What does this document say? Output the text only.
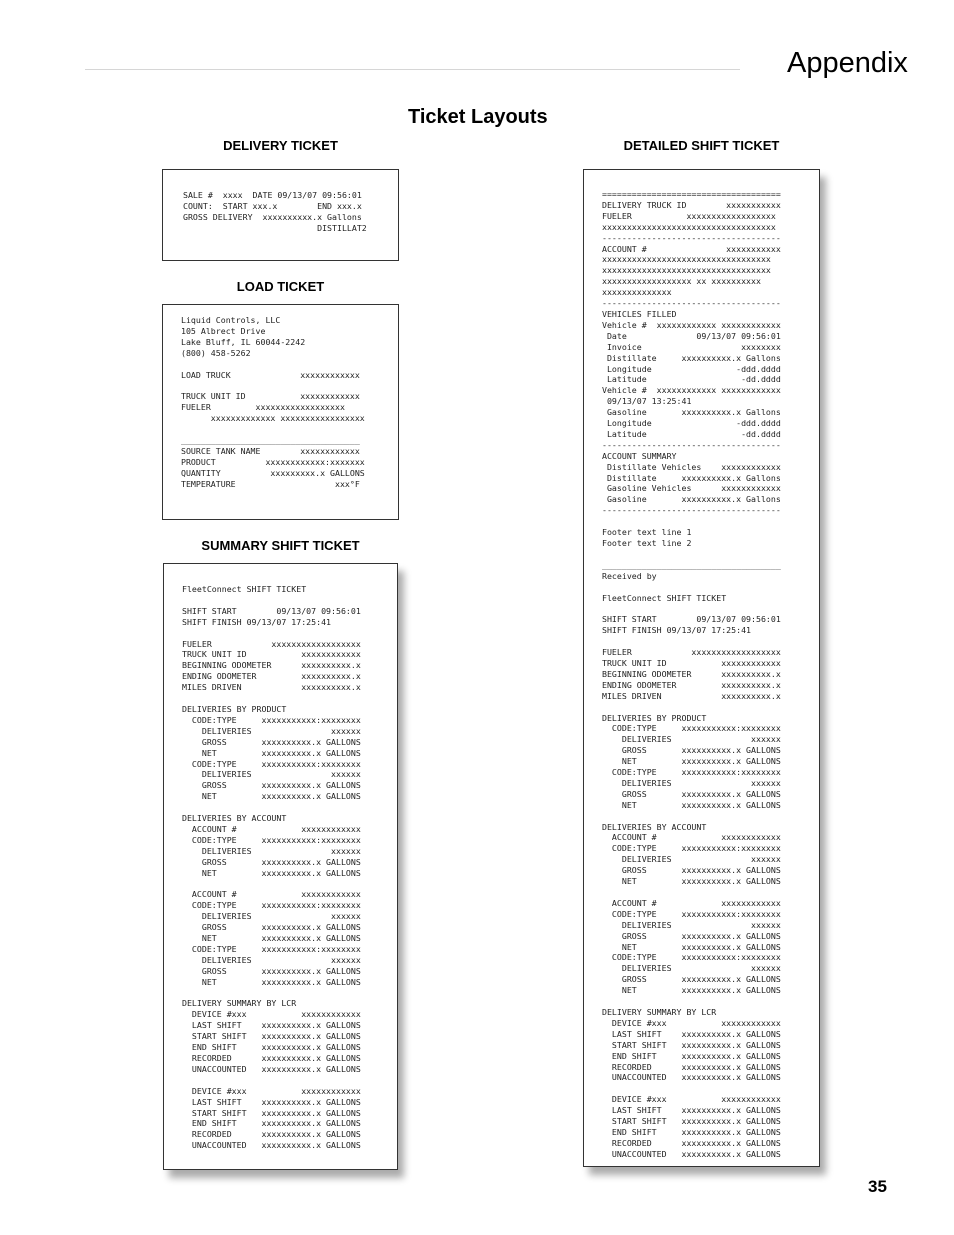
Appendix
Ticket Layouts
DELIVERY TICKET
SALE #  xxxx  DATE 09/13/07 09:56:01
COUNT:  START xxx.x        END xxx.x
GROSS DELIVERY  xxxxxxxxxx.x Gallons
DISTILLAT2
LOAD TICKET
Liquid Controls, LLC
105 Albrect Drive
Lake Bluff, IL 60044-2242
(800) 458-5262

LOAD TRUCK              xxxxxxxxxxxx

TRUCK UNIT ID           xxxxxxxxxxxx
FUELER         xxxxxxxxxxxxxxxxxx
xxxxxxxxxxxxx xxxxxxxxxxxxxxxxx

____________________________________
SOURCE TANK NAME        xxxxxxxxxxxx
PRODUCT          xxxxxxxxxxxx:xxxxxxx
QUANTITY          xxxxxxxxx.x GALLONS
TEMPERATURE                    xxx°F
SUMMARY SHIFT TICKET
FleetConnect SHIFT TICKET

SHIFT START        09/13/07 09:56:01
SHIFT FINISH 09/13/07 17:25:41

FUELER            xxxxxxxxxxxxxxxxxx
TRUCK UNIT ID           xxxxxxxxxxxx
BEGINNING ODOMETER      xxxxxxxxxx.x
ENDING ODOMETER         xxxxxxxxxx.x
MILES DRIVEN            xxxxxxxxxx.x

DELIVERIES BY PRODUCT
CODE:TYPE     xxxxxxxxxxx:xxxxxxxx
DELIVERIES                xxxxxx
GROSS       xxxxxxxxxx.x GALLONS
NET         xxxxxxxxxx.x GALLONS
CODE:TYPE     xxxxxxxxxxx:xxxxxxxx
DELIVERIES                xxxxxx
GROSS       xxxxxxxxxx.x GALLONS
NET         xxxxxxxxxx.x GALLONS

DELIVERIES BY ACCOUNT
ACCOUNT #             xxxxxxxxxxxx
CODE:TYPE     xxxxxxxxxxx:xxxxxxxx
DELIVERIES                xxxxxx
GROSS       xxxxxxxxxx.x GALLONS
NET         xxxxxxxxxx.x GALLONS

ACCOUNT #             xxxxxxxxxxxx
CODE:TYPE     xxxxxxxxxxx:xxxxxxxx
DELIVERIES                xxxxxx
GROSS       xxxxxxxxxx.x GALLONS
NET         xxxxxxxxxx.x GALLONS
CODE:TYPE     xxxxxxxxxxx:xxxxxxxx
DELIVERIES                xxxxxx
GROSS       xxxxxxxxxx.x GALLONS
NET         xxxxxxxxxx.x GALLONS

DELIVERY SUMMARY BY LCR
DEVICE #xxx           xxxxxxxxxxxx
LAST SHIFT    xxxxxxxxxx.x GALLONS
START SHIFT   xxxxxxxxxx.x GALLONS
END SHIFT     xxxxxxxxxx.x GALLONS
RECORDED      xxxxxxxxxx.x GALLONS
UNACCOUNTED   xxxxxxxxxx.x GALLONS

DEVICE #xxx           xxxxxxxxxxxx
LAST SHIFT    xxxxxxxxxx.x GALLONS
START SHIFT   xxxxxxxxxx.x GALLONS
END SHIFT     xxxxxxxxxx.x GALLONS
RECORDED      xxxxxxxxxx.x GALLONS
UNACCOUNTED   xxxxxxxxxx.x GALLONS
DETAILED SHIFT TICKET
====================================
DELIVERY TRUCK ID        xxxxxxxxxxx
FUELER           xxxxxxxxxxxxxxxxxx
xxxxxxxxxxxxxxxxxxxxxxxxxxxxxxxxxxx
------------------------------------
ACCOUNT #                xxxxxxxxxxx
xxxxxxxxxxxxxxxxxxxxxxxxxxxxxxxxxx
xxxxxxxxxxxxxxxxxxxxxxxxxxxxxxxxxx
xxxxxxxxxxxxxxxxxx xx xxxxxxxxxx
xxxxxxxxxxxxxx
------------------------------------
VEHICLES FILLED
Vehicle #  xxxxxxxxxxxx xxxxxxxxxxxx
Date              09/13/07 09:56:01
Invoice                    xxxxxxxx
Distillate     xxxxxxxxxx.x Gallons
Longitude                 -ddd.dddd
Latitude                   -dd.dddd
Vehicle #  xxxxxxxxxxxx xxxxxxxxxxxx
09/13/07 13:25:41
Gasoline       xxxxxxxxxx.x Gallons
Longitude                 -ddd.dddd
Latitude                   -dd.dddd
------------------------------------
ACCOUNT SUMMARY
Distillate Vehicles    xxxxxxxxxxxx
Distillate     xxxxxxxxxx.x Gallons
Gasoline Vehicles      xxxxxxxxxxxx
Gasoline       xxxxxxxxxx.x Gallons
------------------------------------

Footer text line 1
Footer text line 2

____________________________________
Received by

FleetConnect SHIFT TICKET

SHIFT START        09/13/07 09:56:01
SHIFT FINISH 09/13/07 17:25:41

FUELER            xxxxxxxxxxxxxxxxxx
TRUCK UNIT ID           xxxxxxxxxxxx
BEGINNING ODOMETER      xxxxxxxxxx.x
ENDING ODOMETER         xxxxxxxxxx.x
MILES DRIVEN            xxxxxxxxxx.x

DELIVERIES BY PRODUCT
CODE:TYPE     xxxxxxxxxxx:xxxxxxxx
DELIVERIES                xxxxxx
GROSS       xxxxxxxxxx.x GALLONS
NET         xxxxxxxxxx.x GALLONS
CODE:TYPE     xxxxxxxxxxx:xxxxxxxx
DELIVERIES                xxxxxx
GROSS       xxxxxxxxxx.x GALLONS
NET         xxxxxxxxxx.x GALLONS

DELIVERIES BY ACCOUNT
ACCOUNT #             xxxxxxxxxxxx
CODE:TYPE     xxxxxxxxxxx:xxxxxxxx
DELIVERIES                xxxxxx
GROSS       xxxxxxxxxx.x GALLONS
NET         xxxxxxxxxx.x GALLONS

ACCOUNT #             xxxxxxxxxxxx
CODE:TYPE     xxxxxxxxxxx:xxxxxxxx
DELIVERIES                xxxxxx
GROSS       xxxxxxxxxx.x GALLONS
NET         xxxxxxxxxx.x GALLONS
CODE:TYPE     xxxxxxxxxxx:xxxxxxxx
DELIVERIES                xxxxxx
GROSS       xxxxxxxxxx.x GALLONS
NET         xxxxxxxxxx.x GALLONS

DELIVERY SUMMARY BY LCR
DEVICE #xxx           xxxxxxxxxxxx
LAST SHIFT    xxxxxxxxxx.x GALLONS
START SHIFT   xxxxxxxxxx.x GALLONS
END SHIFT     xxxxxxxxxx.x GALLONS
RECORDED      xxxxxxxxxx.x GALLONS
UNACCOUNTED   xxxxxxxxxx.x GALLONS

DEVICE #xxx           xxxxxxxxxxxx
LAST SHIFT    xxxxxxxxxx.x GALLONS
START SHIFT   xxxxxxxxxx.x GALLONS
END SHIFT     xxxxxxxxxx.x GALLONS
RECORDED      xxxxxxxxxx.x GALLONS
UNACCOUNTED   xxxxxxxxxx.x GALLONS
35
